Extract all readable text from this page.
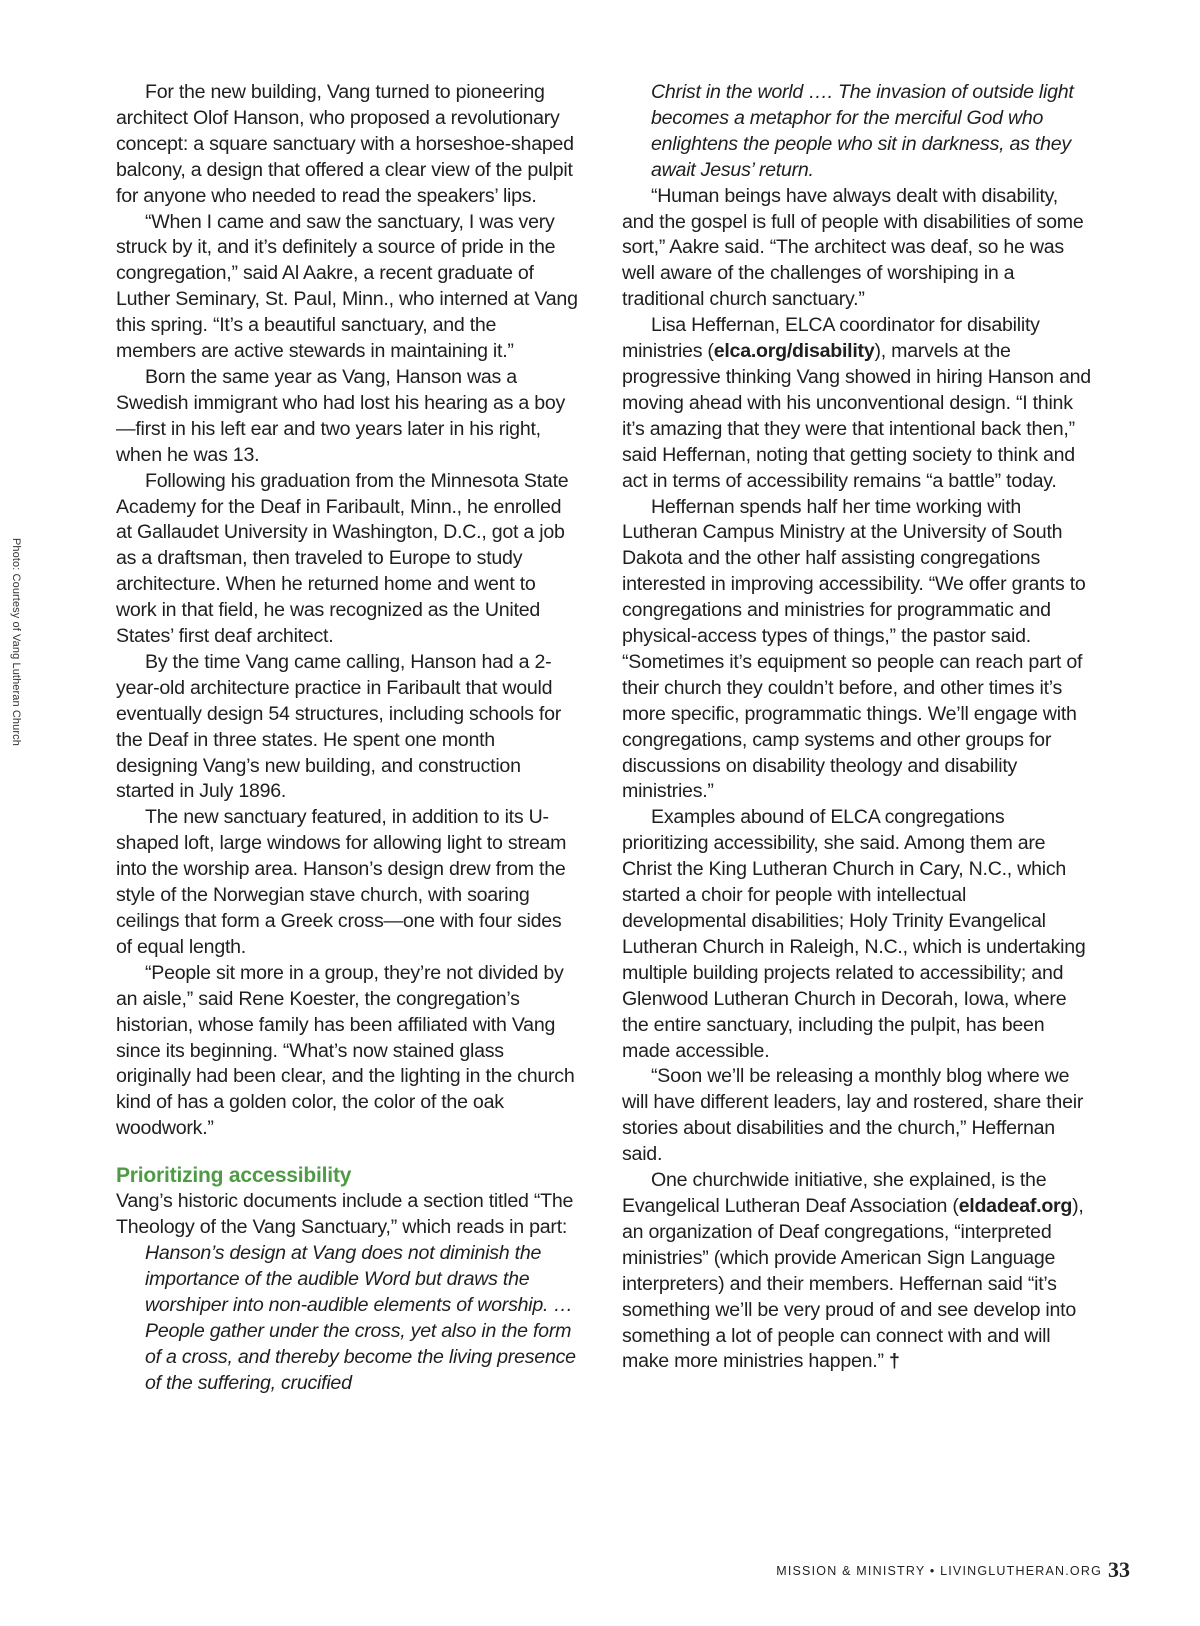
Photo: Courtesy of Vang Lutheran Church

For the new building, Vang turned to pioneering architect Olof Hanson, who proposed a revolutionary concept: a square sanctuary with a horseshoe-shaped balcony, a design that offered a clear view of the pulpit for anyone who needed to read the speakers’ lips.

“When I came and saw the sanctuary, I was very struck by it, and it’s definitely a source of pride in the congregation,” said Al Aakre, a recent graduate of Luther Seminary, St. Paul, Minn., who interned at Vang this spring. “It’s a beautiful sanctuary, and the members are active stewards in maintaining it.”

Born the same year as Vang, Hanson was a Swedish immigrant who had lost his hearing as a boy—first in his left ear and two years later in his right, when he was 13.

Following his graduation from the Minnesota State Academy for the Deaf in Faribault, Minn., he enrolled at Gallaudet University in Washington, D.C., got a job as a draftsman, then traveled to Europe to study architecture. When he returned home and went to work in that field, he was recognized as the United States’ first deaf architect.

By the time Vang came calling, Hanson had a 2-year-old architecture practice in Faribault that would eventually design 54 structures, including schools for the Deaf in three states. He spent one month designing Vang’s new building, and construction started in July 1896.

The new sanctuary featured, in addition to its U-shaped loft, large windows for allowing light to stream into the worship area. Hanson’s design drew from the style of the Norwegian stave church, with soaring ceilings that form a Greek cross—one with four sides of equal length.

“People sit more in a group, they’re not divided by an aisle,” said Rene Koester, the congregation’s historian, whose family has been affiliated with Vang since its beginning. “What’s now stained glass originally had been clear, and the lighting in the church kind of has a golden color, the color of the oak woodwork.”

Prioritizing accessibility

Vang’s historic documents include a section titled “The Theology of the Vang Sanctuary,” which reads in part:

Hanson’s design at Vang does not diminish the importance of the audible Word but draws the worshiper into non-audible elements of worship. … People gather under the cross, yet also in the form of a cross, and thereby become the living presence of the suffering, crucified
Christ in the world …. The invasion of outside light becomes a metaphor for the merciful God who enlightens the people who sit in darkness, as they await Jesus’ return.

“Human beings have always dealt with disability, and the gospel is full of people with disabilities of some sort,” Aakre said. “The architect was deaf, so he was well aware of the challenges of worshiping in a traditional church sanctuary.”

Lisa Heffernan, ELCA coordinator for disability ministries (elca.org/disability), marvels at the progressive thinking Vang showed in hiring Hanson and moving ahead with his unconventional design. “I think it’s amazing that they were that intentional back then,” said Heffernan, noting that getting society to think and act in terms of accessibility remains “a battle” today.

Heffernan spends half her time working with Lutheran Campus Ministry at the University of South Dakota and the other half assisting congregations interested in improving accessibility. “We offer grants to congregations and ministries for programmatic and physical-access types of things,” the pastor said. “Sometimes it’s equipment so people can reach part of their church they couldn’t before, and other times it’s more specific, programmatic things. We’ll engage with congregations, camp systems and other groups for discussions on disability theology and disability ministries.”

Examples abound of ELCA congregations prioritizing accessibility, she said. Among them are Christ the King Lutheran Church in Cary, N.C., which started a choir for people with intellectual developmental disabilities; Holy Trinity Evangelical Lutheran Church in Raleigh, N.C., which is undertaking multiple building projects related to accessibility; and Glenwood Lutheran Church in Decorah, Iowa, where the entire sanctuary, including the pulpit, has been made accessible.

“Soon we’ll be releasing a monthly blog where we will have different leaders, lay and rostered, share their stories about disabilities and the church,” Heffernan said.

One churchwide initiative, she explained, is the Evangelical Lutheran Deaf Association (eldadeaf.org), an organization of Deaf congregations, “interpreted ministries” (which provide American Sign Language interpreters) and their members. Heffernan said “it’s something we’ll be very proud of and see develop into something a lot of people can connect with and will make more ministries happen.” †

MISSION & MINISTRY • LIVINGLUTHERAN.ORG 33
